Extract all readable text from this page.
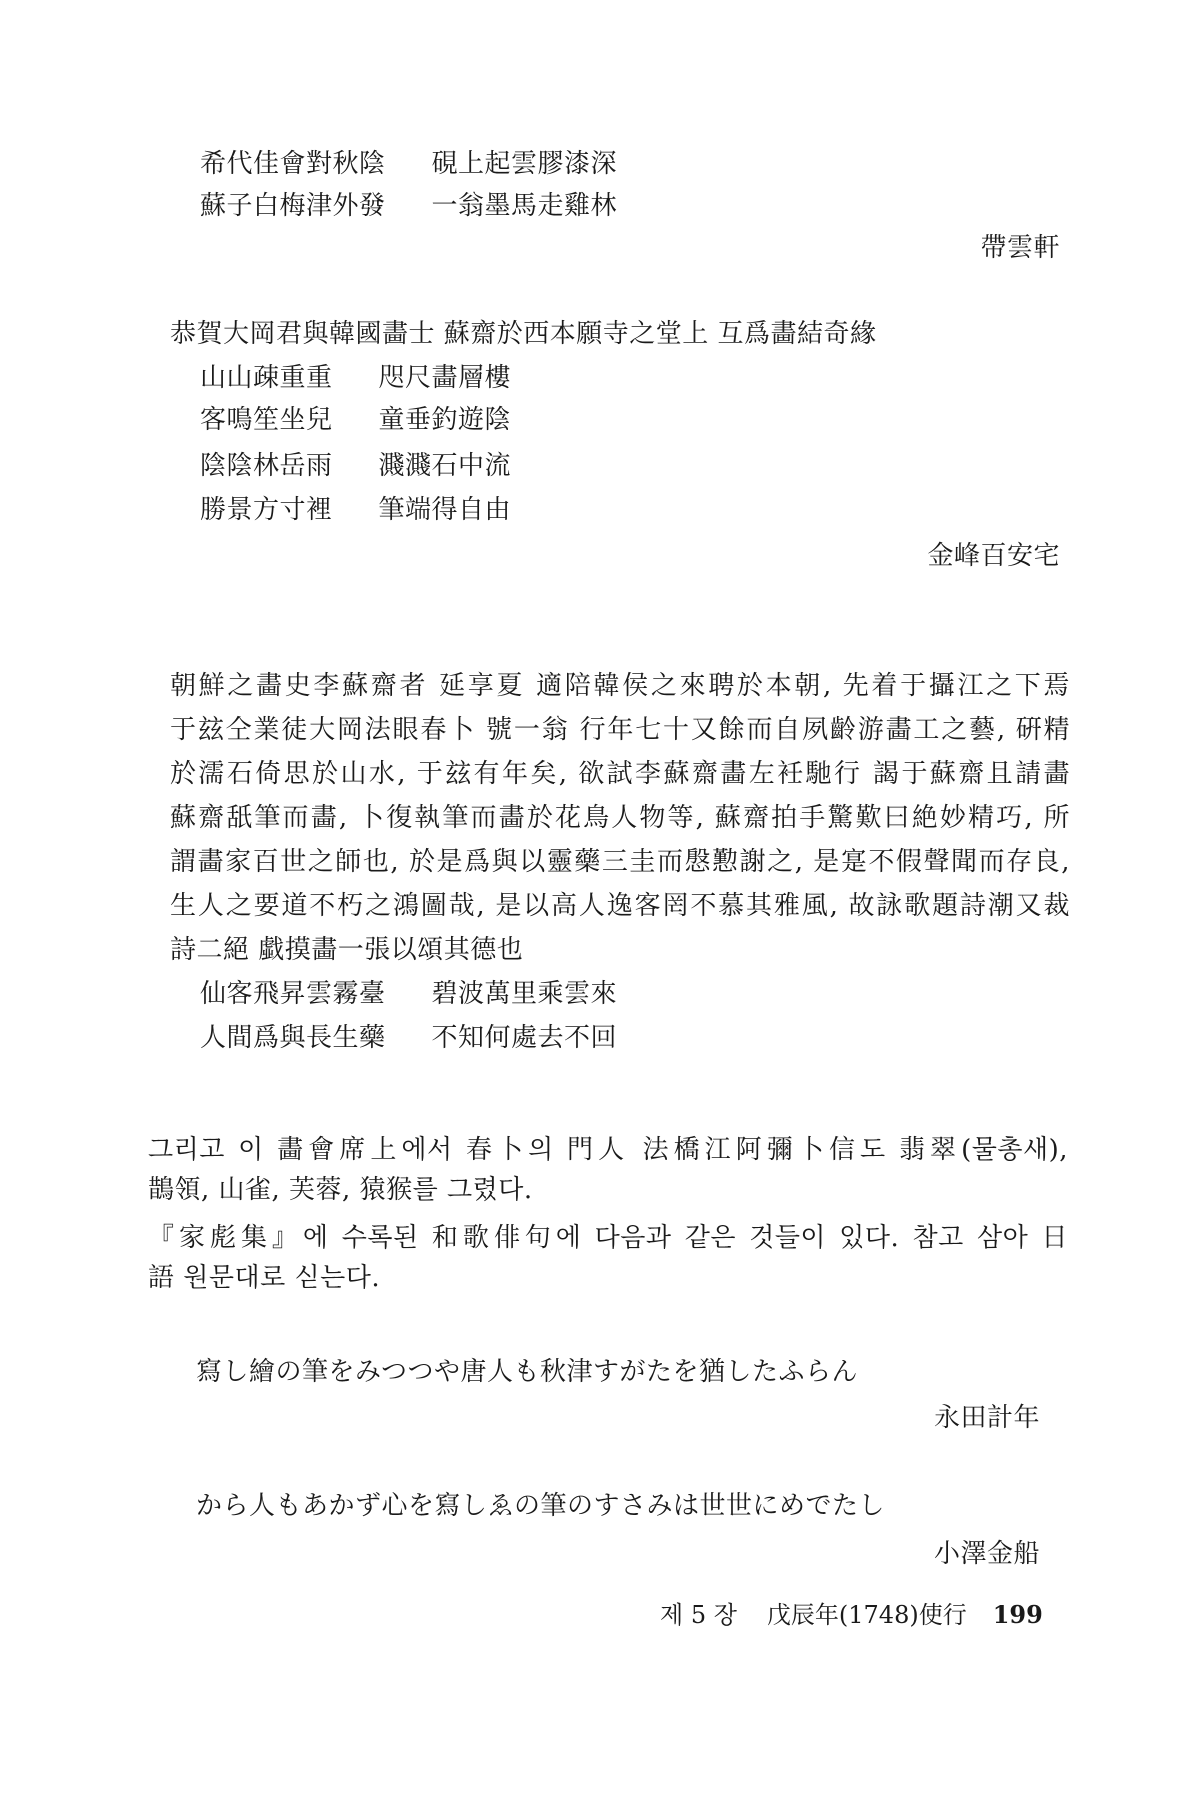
希代佳會對秋陰 硯上起雲膠漆深
蘇子白梅津外發 一翁墨馬走雞林
帶雲軒
恭賀大岡君與韓國畵士 蘇齋於西本願寺之堂上 互爲畵結奇緣
山山疎重重 咫尺畵層樓
客鳴笙坐兒 童垂釣遊陰
陰陰林岳雨 濺濺石中流
勝景方寸裡 筆端得自由
金峰百安宅
朝鮮之畵史李蘇齋者 延享夏 適陪韓侯之來聘於本朝, 先着于攝江之下焉
于玆仝業徒大岡法眼春卜 號一翁 行年七十又餘而自夙齡游畵工之藝, 硏精
於濡石倚思於山水, 于玆有年矣, 欲試李蘇齋畵左衽馳行 謁于蘇齋且請畵
蘇齋舐筆而畵, 卜復執筆而畵於花鳥人物等, 蘇齋拍手驚歎曰絶妙精巧, 所
謂畵家百世之師也, 於是爲與以靈藥三圭而慇懃謝之, 是寔不假聲聞而存良,
生人之要道不朽之鴻圖哉, 是以高人逸客罔不慕其雅風, 故詠歌題詩潮又裁
詩二絕 戱摸畵一張以頌其德也
仙客飛昇雲霧臺 碧波萬里乘雲來
人間爲與長生藥 不知何處去不回
그리고 이 畵會席上에서 春卜의 門人 法橋江阿彌卜信도 翡翠(물총새),
鵲領, 山雀, 芙蓉, 猿猴를 그렸다.
『家彪集』에 수록된 和歌俳句에 다음과 같은 것들이 있다. 참고 삼아 日
語 원문대로 싣는다.
寫し繪の筆をみつつや唐人も秋津すがたを猶したふらん
永田計年
から人もあかず心を寫しゑの筆のすさみは世世にめでたし
小澤金船
제 5 장 戊辰年(1748)使行 199
